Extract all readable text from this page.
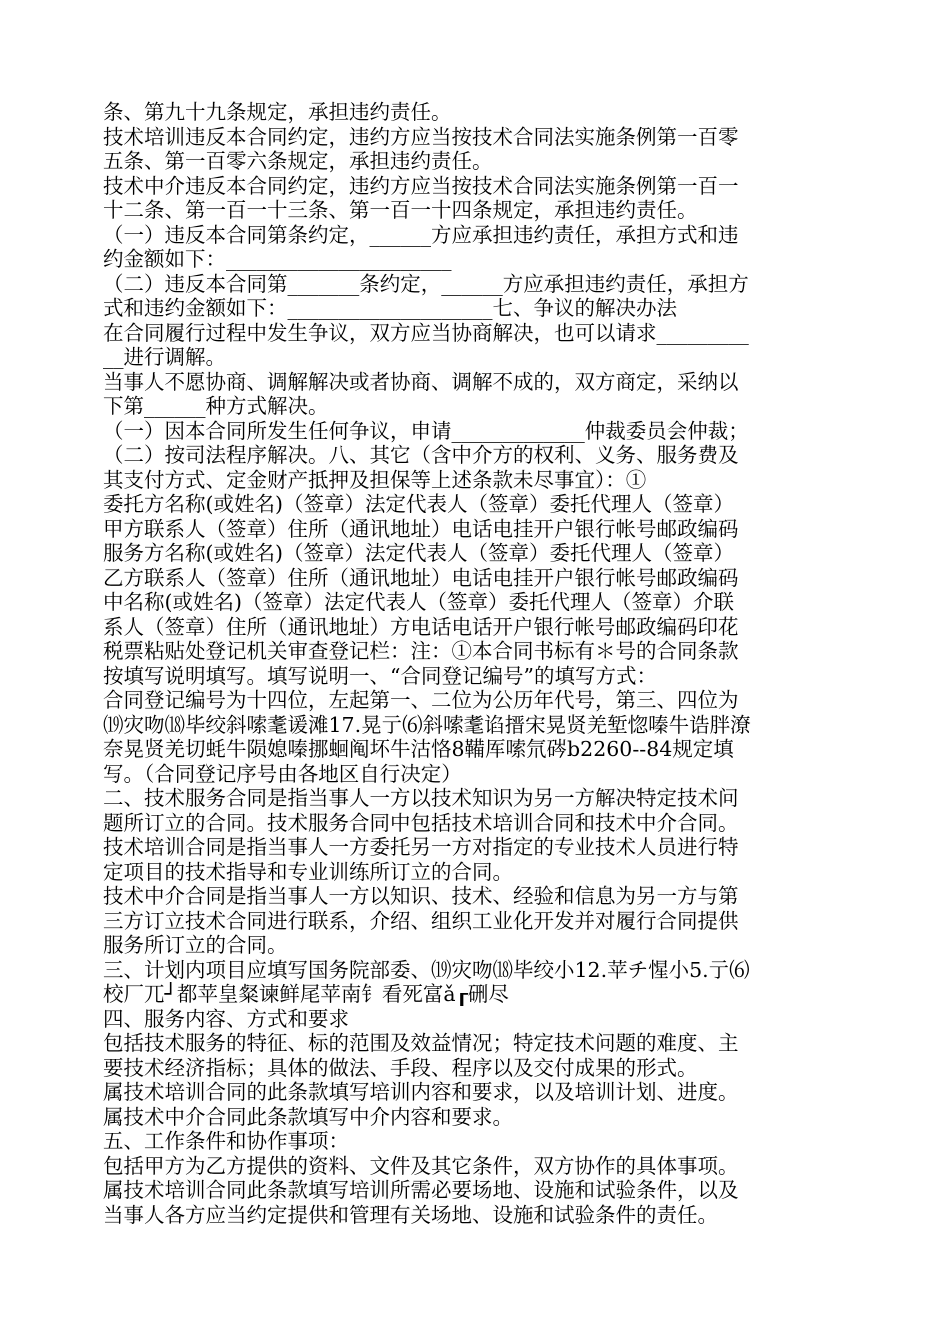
条、第九十九条规定，承担违约责任。
技术培训违反本合同约定，违约方应当按技术合同法实施条例第一百零
五条、第一百零六条规定，承担违约责任。
技术中介违反本合同约定，违约方应当按技术合同法实施条例第一百一
十二条、第一百一十三条、第一百一十四条规定，承担违约责任。
（一）违反本合同第条约定，______方应承担违约责任，承担方式和违
约金额如下：______________________
（二）违反本合同第_______条约定，______方应承担违约责任，承担方
式和违约金额如下：____________________七、争议的解决办法
在合同履行过程中发生争议，双方应当协商解决，也可以请求_________
__进行调解。
当事人不愿协商、调解解决或者协商、调解不成的，双方商定，采纳以
下第______种方式解决。
（一）因本合同所发生任何争议，申请_____________仲裁委员会仲裁；
（二）按司法程序解决。八、其它（含中介方的权利、义务、服务费及
其支付方式、定金财产抵押及担保等上述条款未尽事宜）：①
委托方名称(或姓名)（签章）法定代表人（签章）委托代理人（签章）
甲方联系人（签章）住所（通讯地址）电话电挂开户银行帐号邮政编码
服务方名称(或姓名)（签章）法定代表人（签章）委托代理人（签章）
乙方联系人（签章）住所（通讯地址）电话电挂开户银行帐号邮政编码
中名称(或姓名)（签章）法定代表人（签章）委托代理人（签章）介联
系人（签章）住所（通讯地址）方电话电话开户银行帐号邮政编码印花
税票粘贴处登记机关审查登记栏：注：①本合同书标有＊号的合同条款
按填写说明填写。填写说明一、“合同登记编号”的填写方式：
合同登记编号为十四位，左起第一、二位为公历年代号，第三、四位为
⒆灾吻⒅毕绞斜嗦耄谖滩17.晃亍⑹斜嗦耄谄搢宋晃贤羌堑惚嗪牛诰胖潦
奈晃贤羌切蚝牛陨媳嗪挪蛔阄坏牛沽恪8鞴厍嗦氘硶b2260--84规定填
写。（合同登记序号由各地区自行决定）
二、技术服务合同是指当事人一方以技术知识为另一方解决特定技术问
题所订立的合同。技术服务合同中包括技术培训合同和技术中介合同。
技术培训合同是指当事人一方委托另一方对指定的专业技术人员进行特
定项目的技术指导和专业训练所订立的合同。
技术中介合同是指当事人一方以知识、技术、经验和信息为另一方与第
三方订立技术合同进行联系，介绍、组织工业化开发并对履行合同提供
服务所订立的合同。
三、计划内项目应填写国务院部委、⒆灾吻⒅毕绞小12.苹チ惺小5.亍⑹
校厂兀┘都苹皇粲谏鲜尾苹南钅看死富ǎ┎硎尽
四、服务内容、方式和要求
包括技术服务的特征、标的范围及效益情况；特定技术问题的难度、主
要技术经济指标；具体的做法、手段、程序以及交付成果的形式。
属技术培训合同的此条款填写培训内容和要求，以及培训计划、进度。
属技术中介合同此条款填写中介内容和要求。
五、工作条件和协作事项：
包括甲方为乙方提供的资料、文件及其它条件，双方协作的具体事项。
属技术培训合同此条款填写培训所需必要场地、设施和试验条件，以及
当事人各方应当约定提供和管理有关场地、设施和试验条件的责任。
